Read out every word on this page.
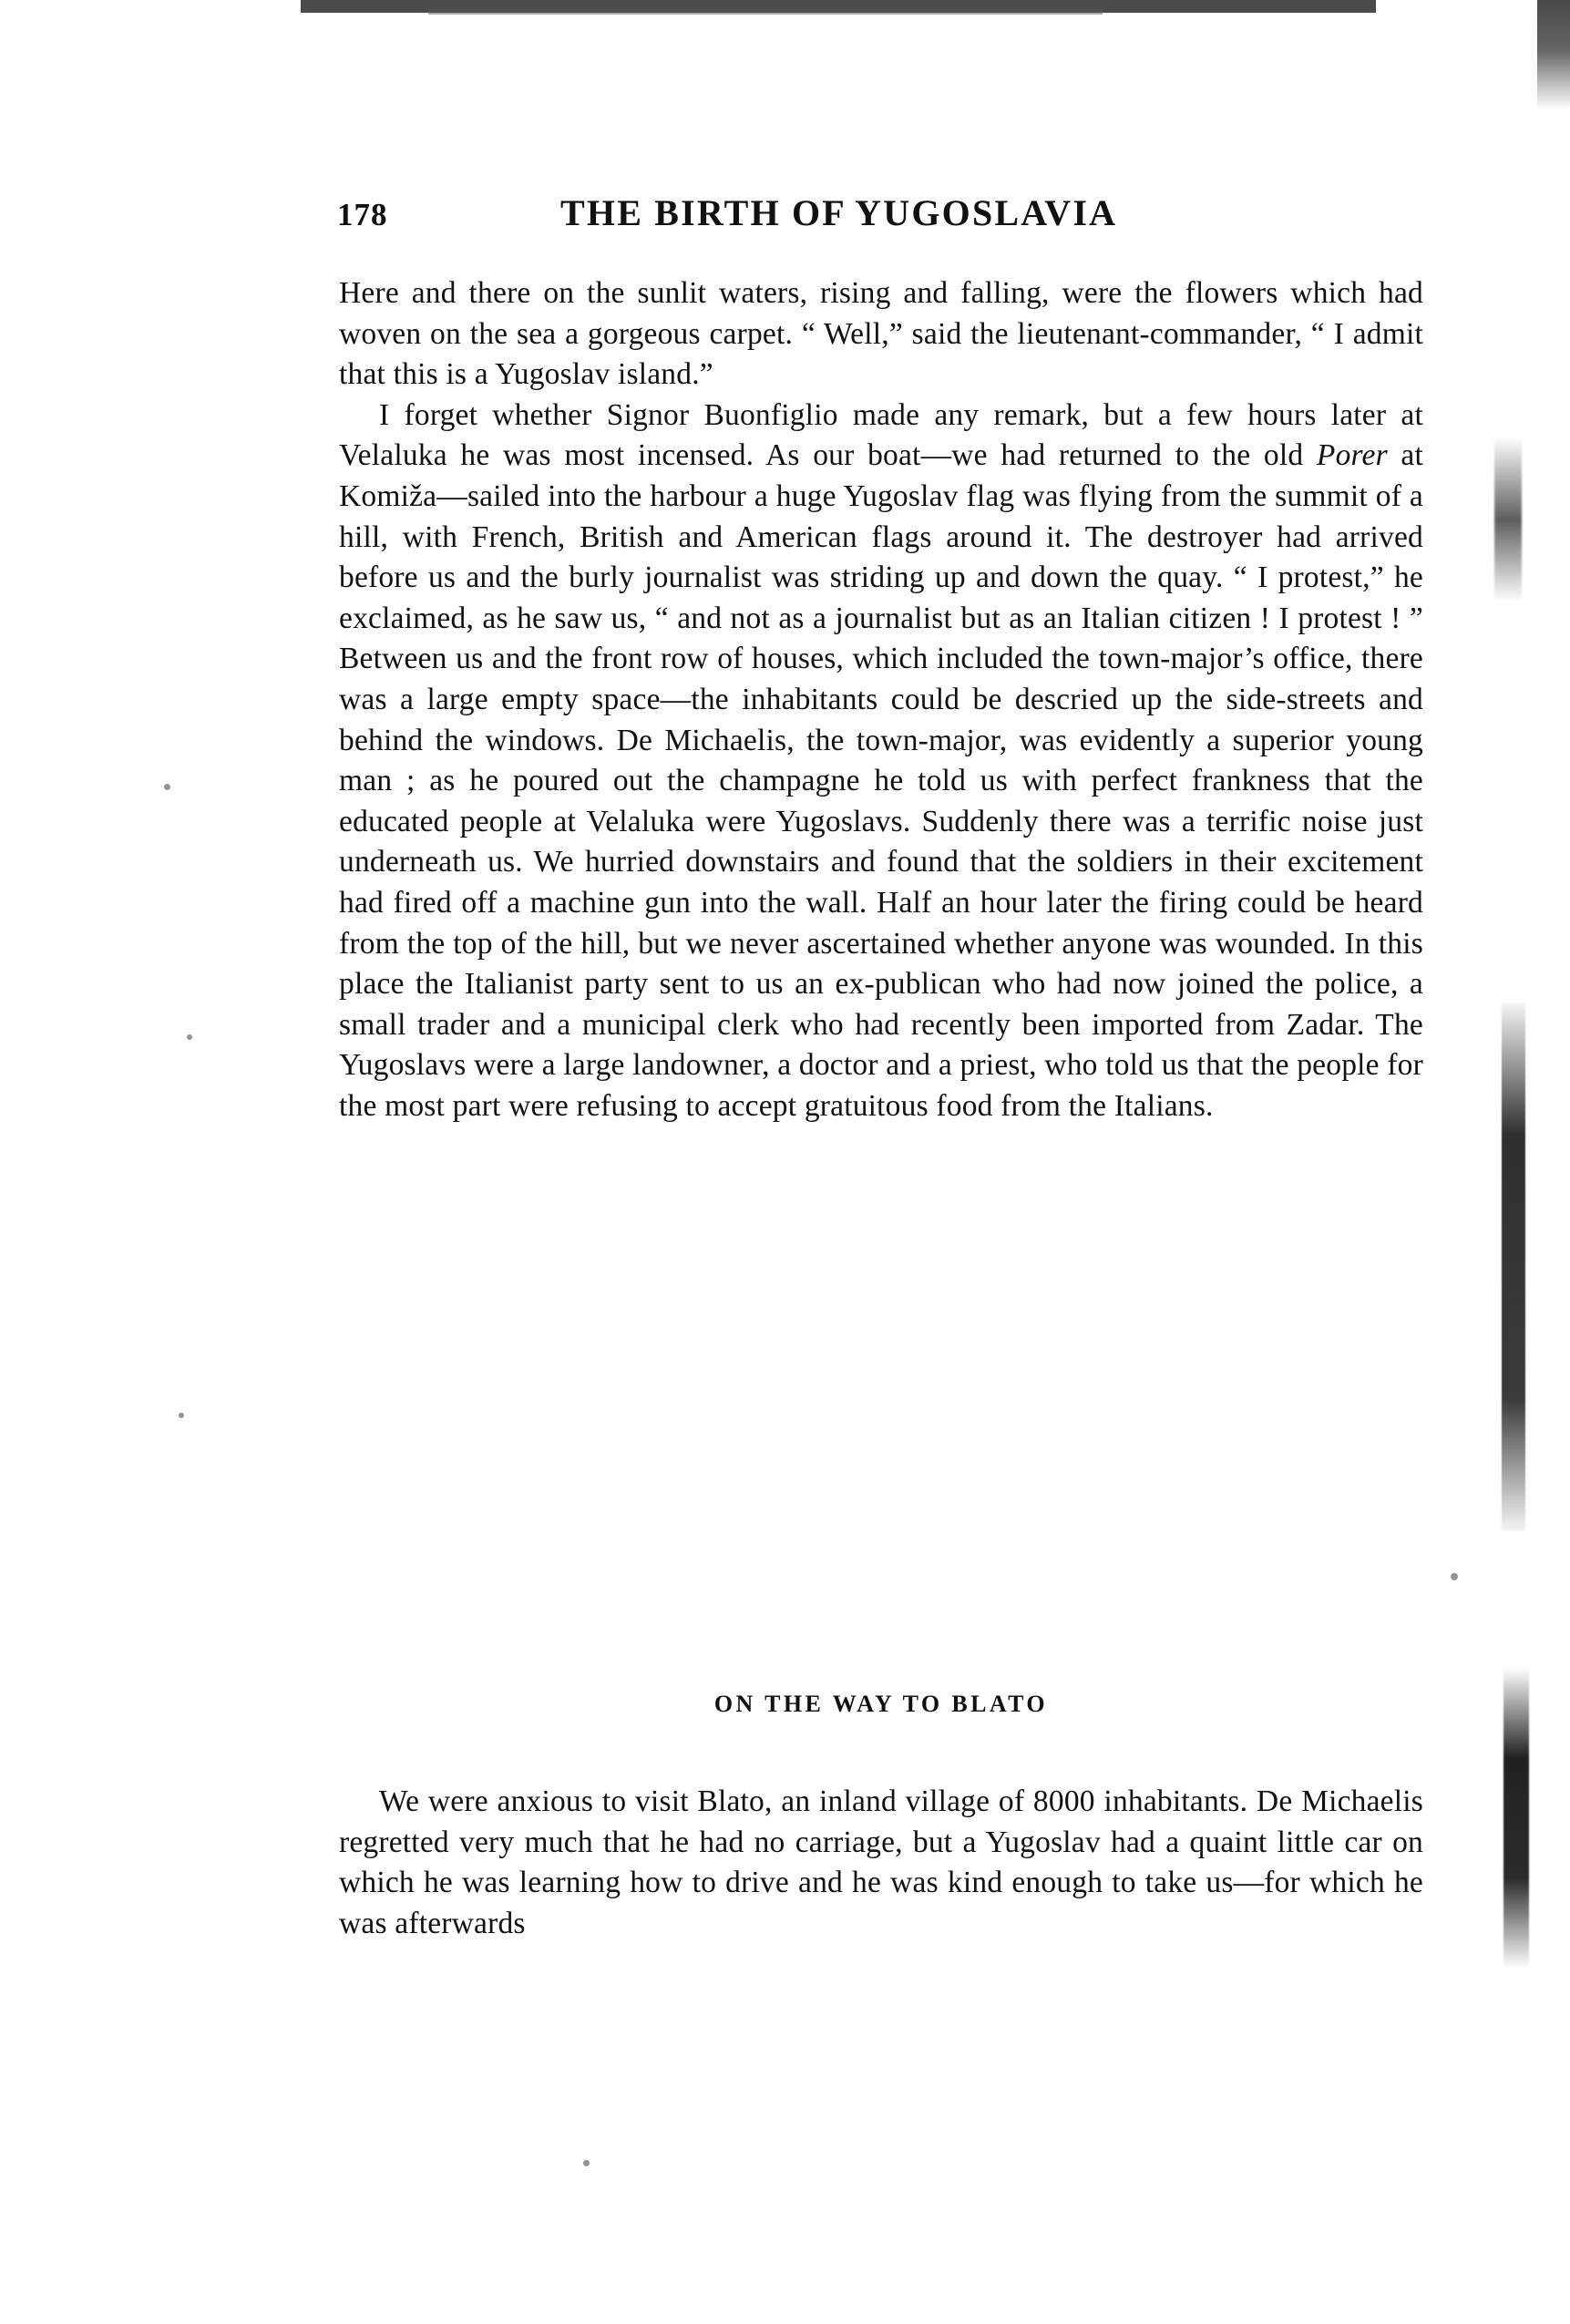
178	THE BIRTH OF YUGOSLAVIA

Here and there on the sunlit waters, rising and falling, were the flowers which had woven on the sea a gorgeous carpet. “ Well,” said the lieutenant-commander, “ I admit that this is a Yugoslav island.”

I forget whether Signor Buonfiglio made any remark, but a few hours later at Velaluka he was most incensed. As our boat—we had returned to the old Porer at Komiža—sailed into the harbour a huge Yugoslav flag was flying from the summit of a hill, with French, British and American flags around it. The destroyer had arrived before us and the burly journalist was striding up and down the quay. “ I protest,” he exclaimed, as he saw us, “ and not as a journalist but as an Italian citizen ! I protest ! ” Between us and the front row of houses, which included the town-major’s office, there was a large empty space—the inhabitants could be descried up the side-streets and behind the windows. De Michaelis, the town-major, was evidently a superior young man ; as he poured out the champagne he told us with perfect frankness that the educated people at Velaluka were Yugoslavs. Suddenly there was a terrific noise just underneath us. We hurried downstairs and found that the soldiers in their excitement had fired off a machine gun into the wall. Half an hour later the firing could be heard from the top of the hill, but we never ascertained whether anyone was wounded. In this place the Italianist party sent to us an ex-publican who had now joined the police, a small trader and a municipal clerk who had recently been imported from Zadar. The Yugoslavs were a large landowner, a doctor and a priest, who told us that the people for the most part were refusing to accept gratuitous food from the Italians.

ON THE WAY TO BLATO

We were anxious to visit Blato, an inland village of 8000 inhabitants. De Michaelis regretted very much that he had no carriage, but a Yugoslav had a quaint little car on which he was learning how to drive and he was kind enough to take us—for which he was afterwards
